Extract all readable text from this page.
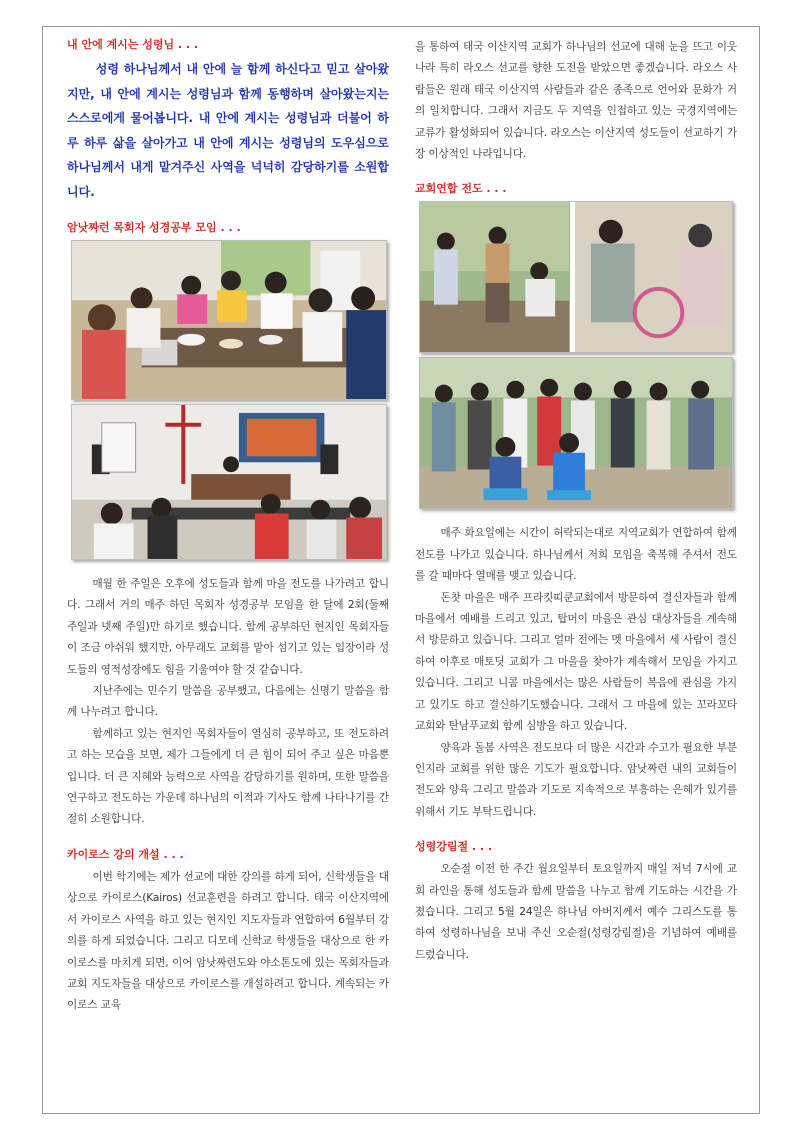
내 안에 계시는 성령님 . . .

성령 하나님께서 내 안에 늘 함께 하신다고 믿고 살아왔지만, 내 안에 계시는 성령님과 함께 동행하며 살아왔는지는 스스로에게 물어봅니다. 내 안에 계시는 성령님과 더불어 하루 하루 삶을 살아가고 내 안에 계시는 성령님의 도우심으로 하나님께서 내게 맡겨주신 사역을 넉넉히 감당하기를 소원합니다.

암낫짜런 목회자 성경공부 모임 . . .

매월 한 주일은 오후에 성도들과 함께 마을 전도를 나가려고 합니다. 그래서 거의 매주 하던 목회자 성경공부 모임을 한 달에 2회(둘째 주일과 넷째 주일)만 하기로 했습니다. 함께 공부하던 현지인 목회자들이 조금 아쉬워 했지만, 아무래도 교회를 맡아 섬기고 있는 입장이라 성도들의 영적성장에도 힘을 기울여야 할 것 같습니다.

지난주에는 민수기 말씀을 공부했고, 다음에는 신명기 말씀을 함께 나누려고 합니다.

함께하고 있는 현지인 목회자들이 열심히 공부하고, 또 전도하려고 하는 모습을 보면, 제가 그들에게 더 큰 힘이 되어 주고 싶은 마음뿐입니다. 더 큰 지혜와 능력으로 사역을 감당하기를 원하며, 또한 말씀을 연구하고 전도하는 가운데 하나님의 이적과 기사도 함께 나타나기를 간절히 소원합니다.

카이로스 강의 개설 . . .

이번 학기에는 제가 선교에 대한 강의를 하게 되어, 신학생들을 대상으로 카이로스(Kairos) 선교훈련을 하려고 합니다. 태국 이산지역에서 카이로스 사역을 하고 있는 현지인 지도자들과 연합하여 6월부터 강의를 하게 되었습니다. 그리고 디모데 신학교 학생들을 대상으로 한 카이로스를 마치게 되면, 이어 암낫짜런도와 야소톤도에 있는 목회자들과 교회 지도자들을 대상으로 카이로스를 개설하려고 합니다. 계속되는 카이로스 교육

을 통하여 태국 이산지역 교회가 하나님의 선교에 대해 눈을 뜨고 이웃나라 특히 라오스 선교를 향한 도전을 받았으면 좋겠습니다. 라오스 사람들은 원래 태국 이산지역 사람들과 같은 종족으로 언어와 문화가 거의 일치합니다. 그래서 지금도 두 지역을 인접하고 있는 국경지역에는 교류가 활성화되어 있습니다. 라오스는 이산지역 성도들이 선교하기 가장 이상적인 나라입니다.

교회연합 전도 . . .

매주 화요일에는 시간이 허락되는대로 지역교회가 연합하여 함께 전도를 나가고 있습니다. 하나님께서 저희 모임을 축복해 주셔서 전도를 갈 때마다 열매를 맺고 있습니다.

돈찻 마을은 매주 프라킷띠쿤교회에서 방문하여 결신자들과 함께 마을에서 예배를 드리고 있고, 탑머이 마을은 관심 대상자들을 계속해서 방문하고 있습니다. 그리고 얼마 전에는 멧 마을에서 세 사람이 결신하여 이후로 매토딧 교회가 그 마을을 찾아가 계속해서 모임을 가지고 있습니다. 그리고 니콤 마을에서는 많은 사람들이 복음에 관심을 가지고 있기도 하고 결신하기도했습니다. 그래서 그 마을에 있는 꼬라꼬타교회와 탄남푸교회 함께 심방을 하고 있습니다.

양육과 돌봄 사역은 전도보다 더 많은 시간과 수고가 필요한 부분인지라 교회를 위한 많은 기도가 필요합니다. 암낫짜런 내의 교회들이 전도와 양육 그리고 말씀과 기도로 지속적으로 부흥하는 은혜가 있기를 위해서 기도 부탁드립니다.

성령강림절 . . .

오순절 이전 한 주간 월요일부터 토요일까지 매일 저녁 7시에 교회 라인을 통해 성도들과 함께 말씀을 나누고 함께 기도하는 시간을 가졌습니다. 그리고 5월 24일은 하나님 아버지께서 예수 그리스도를 통하여 성령하나님을 보내 주신 오순절(성령강림절)을 기념하여 예배를 드렸습니다.
